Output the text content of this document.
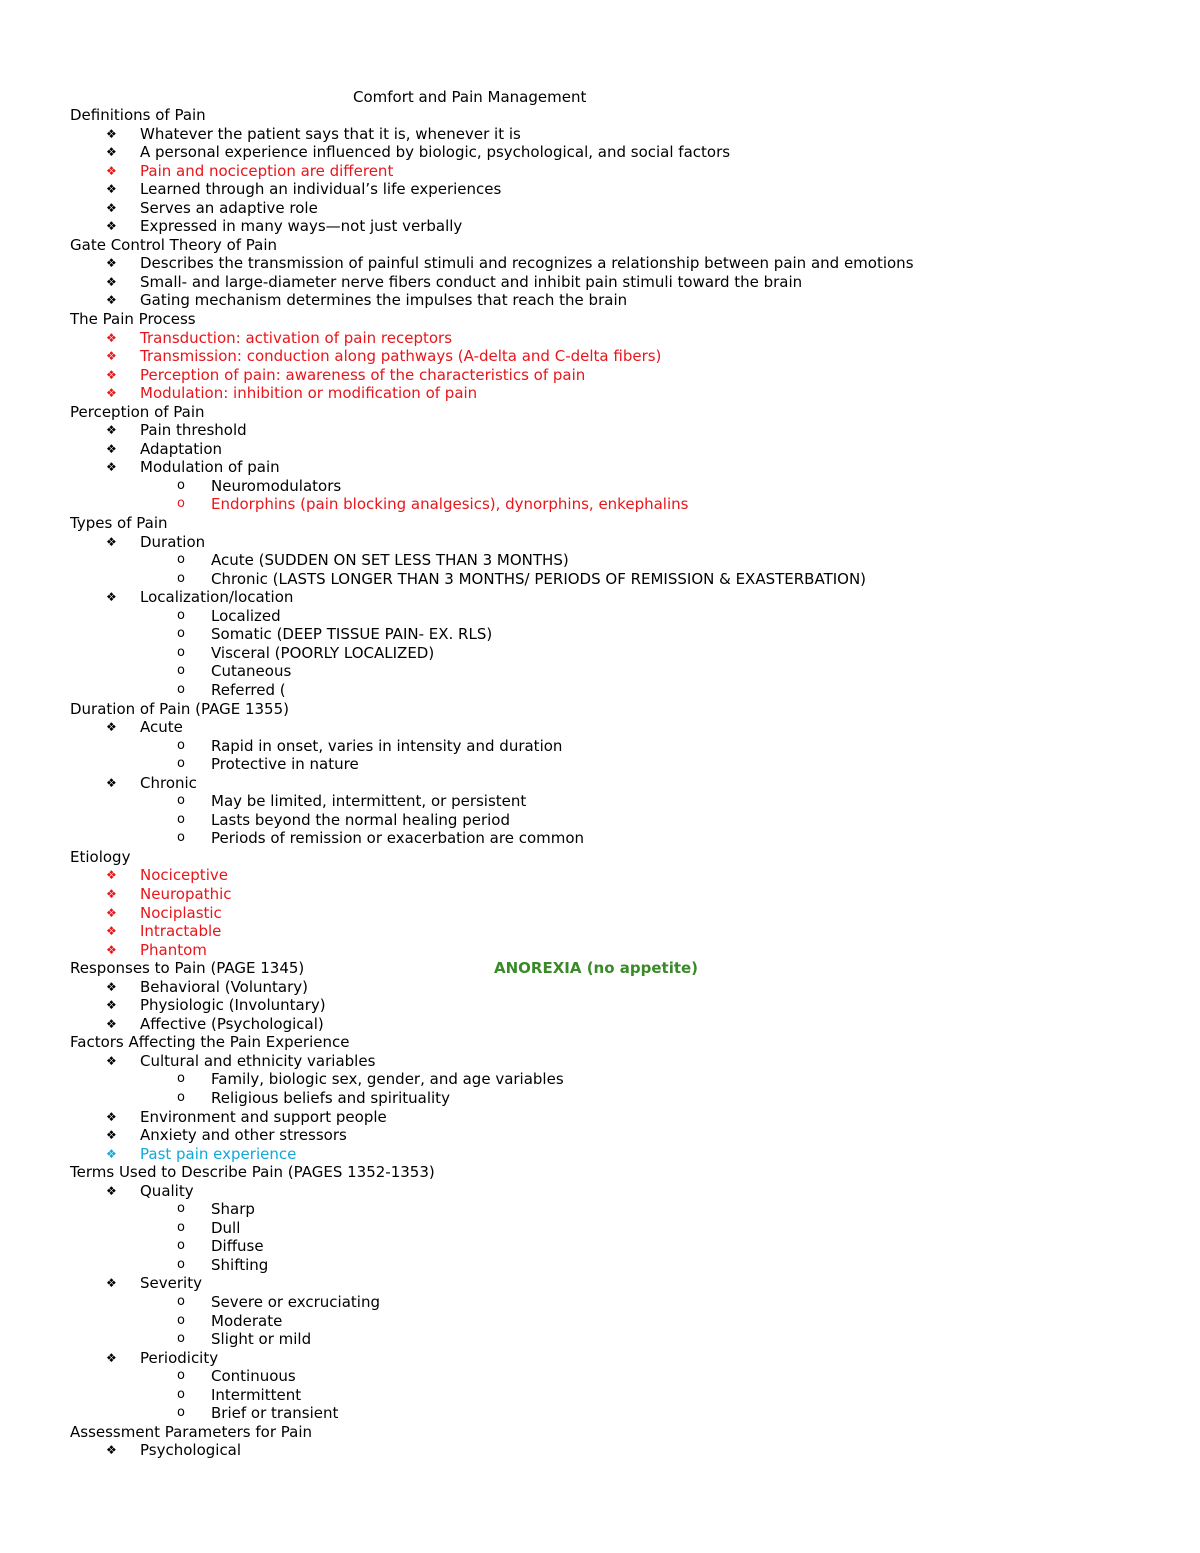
Comfort and Pain Management
Definitions of Pain
❖ Whatever the patient says that it is, whenever it is
❖ A personal experience influenced by biologic, psychological, and social factors
❖ Pain and nociception are different
❖ Learned through an individual’s life experiences
❖ Serves an adaptive role
❖ Expressed in many ways—not just verbally
Gate Control Theory of Pain
❖ Describes the transmission of painful stimuli and recognizes a relationship between pain and emotions
❖ Small- and large-diameter nerve fibers conduct and inhibit pain stimuli toward the brain
❖ Gating mechanism determines the impulses that reach the brain
The Pain Process
❖ Transduction: activation of pain receptors
❖ Transmission: conduction along pathways (A-delta and C-delta fibers)
❖ Perception of pain: awareness of the characteristics of pain
❖ Modulation: inhibition or modification of pain
Perception of Pain
❖ Pain threshold
❖ Adaptation
❖ Modulation of pain
o Neuromodulators
o Endorphins (pain blocking analgesics), dynorphins, enkephalins
Types of Pain
❖ Duration
o Acute (SUDDEN ON SET LESS THAN 3 MONTHS)
o Chronic (LASTS LONGER THAN 3 MONTHS/ PERIODS OF REMISSION & EXASTERBATION)
❖ Localization/location
o Localized
o Somatic (DEEP TISSUE PAIN- EX. RLS)
o Visceral (POORLY LOCALIZED)
o Cutaneous
o Referred (
Duration of Pain (PAGE 1355)
❖ Acute
o Rapid in onset, varies in intensity and duration
o Protective in nature
❖ Chronic
o May be limited, intermittent, or persistent
o Lasts beyond the normal healing period
o Periods of remission or exacerbation are common
Etiology
❖ Nociceptive
❖ Neuropathic
❖ Nociplastic
❖ Intractable
❖ Phantom
Responses to Pain (PAGE 1345)	ANOREXIA (no appetite)
❖ Behavioral (Voluntary)
❖ Physiologic (Involuntary)
❖ Affective (Psychological)
Factors Affecting the Pain Experience
❖ Cultural and ethnicity variables
o Family, biologic sex, gender, and age variables
o Religious beliefs and spirituality
❖ Environment and support people
❖ Anxiety and other stressors
❖ Past pain experience
Terms Used to Describe Pain (PAGES 1352-1353)
❖ Quality
o Sharp
o Dull
o Diffuse
o Shifting
❖ Severity
o Severe or excruciating
o Moderate
o Slight or mild
❖ Periodicity
o Continuous
o Intermittent
o Brief or transient
Assessment Parameters for Pain
❖ Psychological
